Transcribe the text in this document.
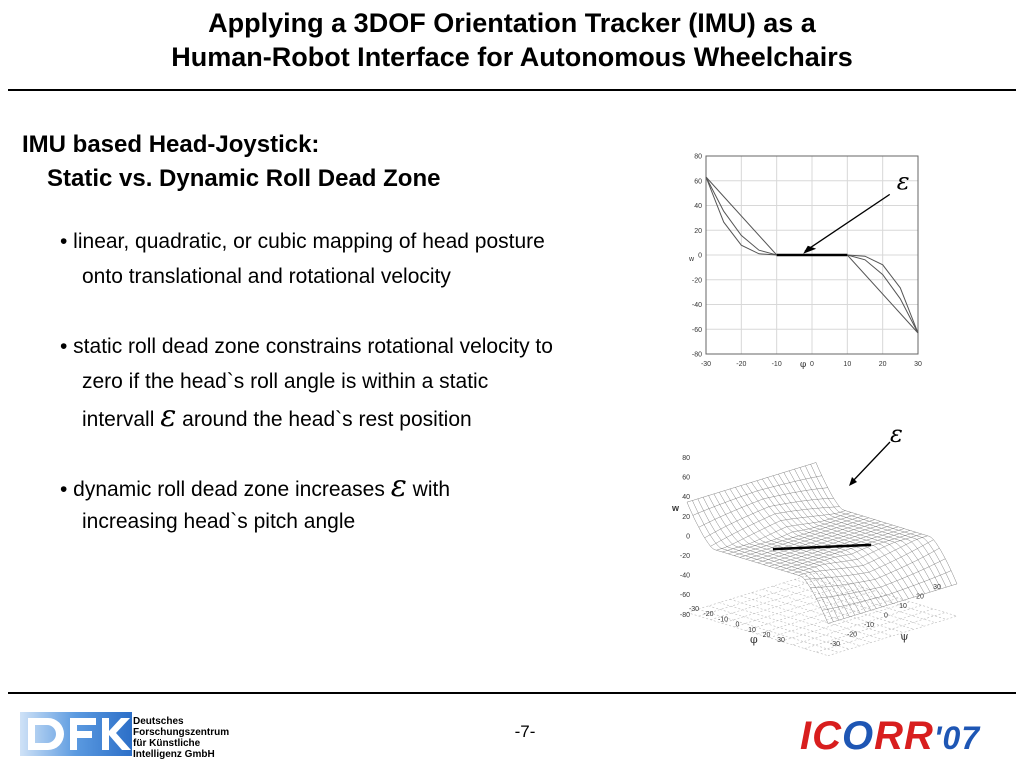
Applying a 3DOF Orientation Tracker (IMU) as a
Human-Robot Interface for Autonomous Wheelchairs
IMU based Head-Joystick:
Static vs. Dynamic Roll Dead Zone
• linear, quadratic, or cubic mapping of head posture
onto translational and rotational velocity
• static roll dead zone constrains rotational velocity to
zero if the head`s roll angle is within a static
intervall ε around the head`s rest position
• dynamic roll dead zone increases ε with
increasing head`s pitch angle
-30	-20	-10	0	10	20	30
80
60
40
20
0
-20
-40
-60
-80
φ
w
ε
80
60
40
20
0
-20
-40
-60
-80
w
-30
-20
-10
0
10
20
30
φ	-30
-20
-10
0
10
20
30
ψ
ε
Deutsches
Forschungszentrum
für Künstliche
Intelligenz GmbH
-7-	ICORR'07
